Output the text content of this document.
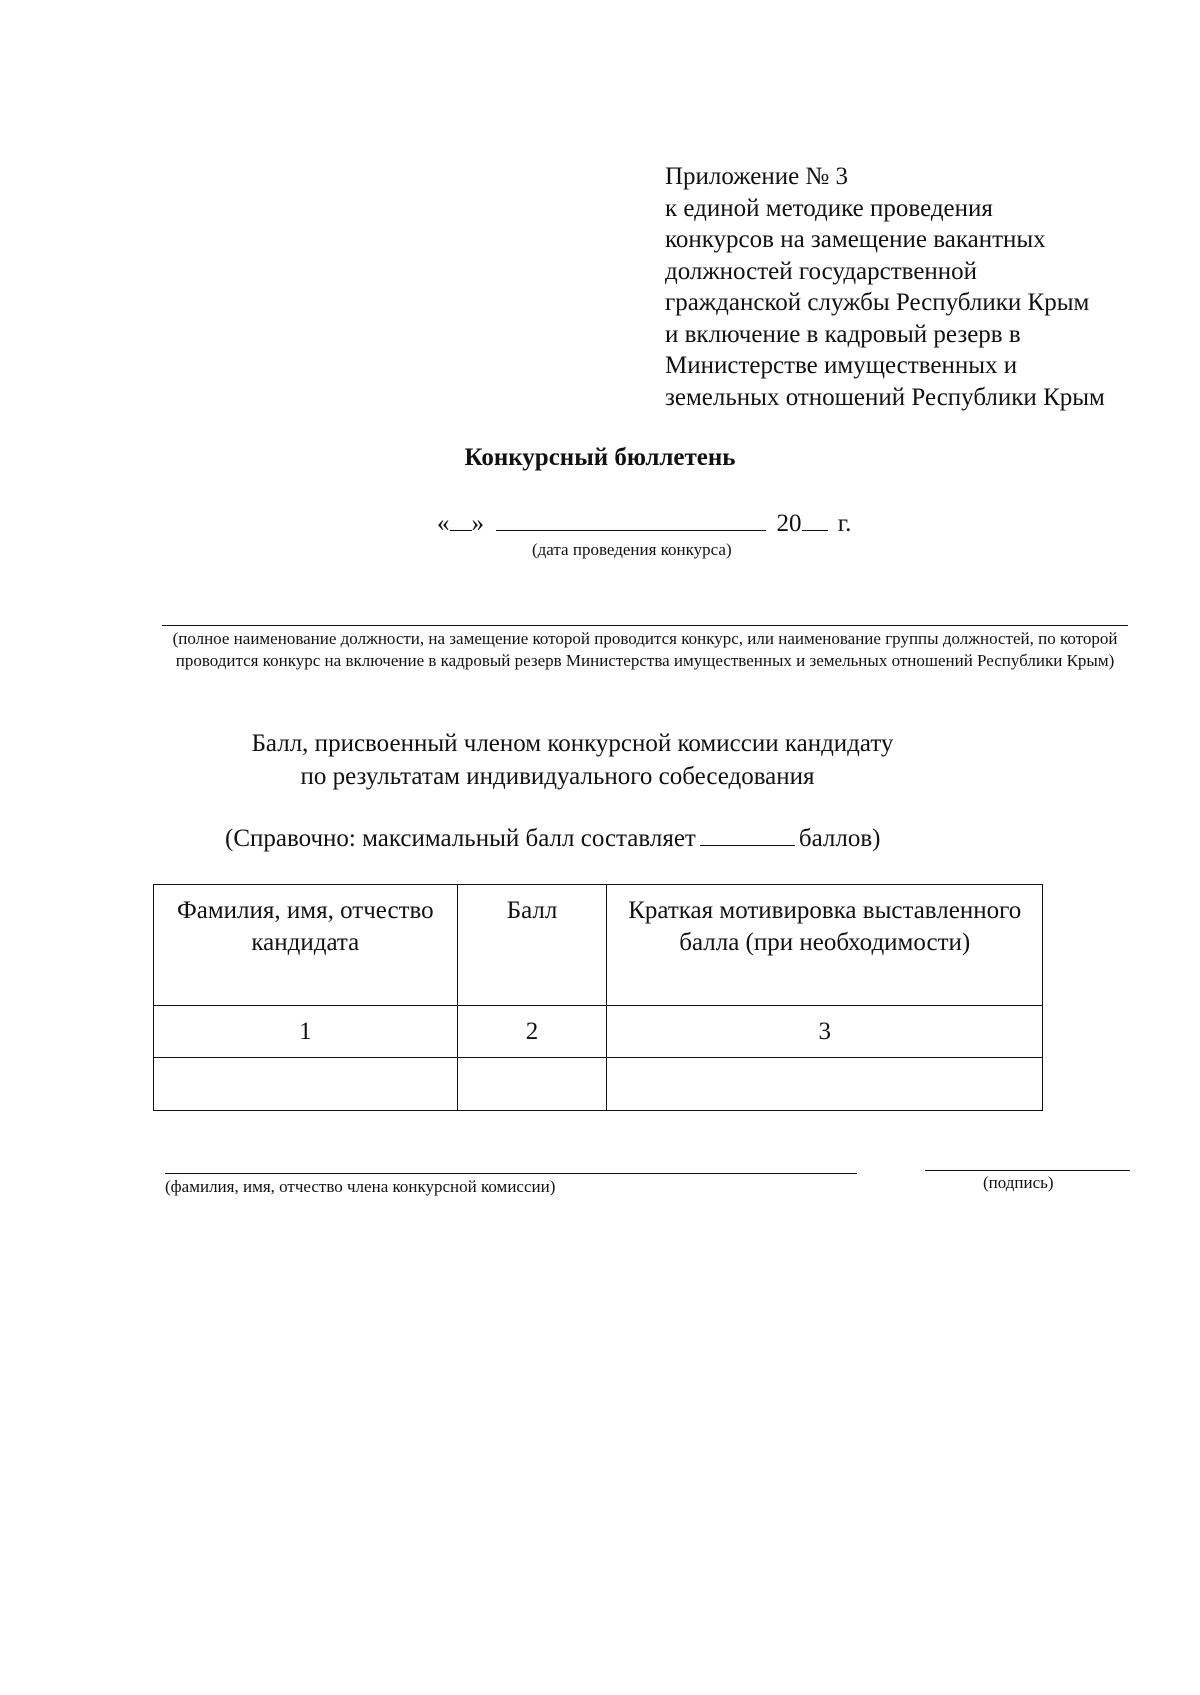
Приложение № 3
к единой методике проведения
конкурсов на замещение вакантных
должностей государственной
гражданской службы Республики Крым
и включение в кадровый резерв в
Министерстве имущественных и
земельных отношений Республики Крым
Конкурсный бюллетень
« »	20 г.
(дата проведения конкурса)
(полное наименование должности, на замещение которой проводится конкурс, или наименование группы должностей, по которой проводится конкурс на включение в кадровый резерв Министерства имущественных и земельных отношений Республики Крым)
Балл, присвоенный членом конкурсной комиссии кандидату
по результатам индивидуального собеседования
(Справочно: максимальный балл составляет	баллов)
Фамилия, имя, отчество кандидата	Балл	Краткая мотивировка выставленного балла (при необходимости)
1	2	3

(фамилия, имя, отчество члена конкурсной комиссии)	(подпись)
